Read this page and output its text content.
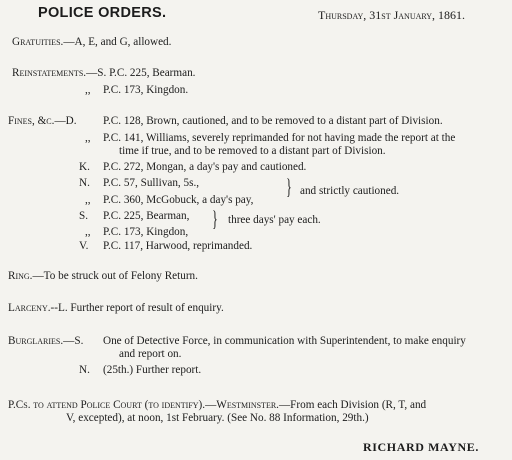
POLICE ORDERS.	Thursday, 31st January, 1861.
Gratuities.—A, E, and G, allowed.
Reinstatements.—S. P.C. 225, Bearman.
,, P.C. 173, Kingdon.
Fines, &c.—D. P.C. 128, Brown, cautioned, and to be removed to a distant part of Division.
,, P.C. 141, Williams, severely reprimanded for not having made the report at the
time if true, and to be removed to a distant part of Division.
K. P.C. 272, Mongan, a day's pay and cautioned.
N. P.C. 57, Sullivan, 5s.,
,, P.C. 360, McGobuck, a day's pay,
} and strictly cautioned.
S. P.C. 225, Bearman,
,, P.C. 173, Kingdon,
} three days' pay each.
V. P.C. 117, Harwood, reprimanded.
Ring.—To be struck out of Felony Return.
Larceny.--L. Further report of result of enquiry.
Burglaries.—S. One of Detective Force, in communication with Superintendent, to make enquiry
and report on.
N. (25th.) Further report.
P.Cs. to attend Police Court (to identify).—Westminster.—From each Division (R, T, and
V, excepted), at noon, 1st February. (See No. 88 Information, 29th.)
RICHARD MAYNE.
